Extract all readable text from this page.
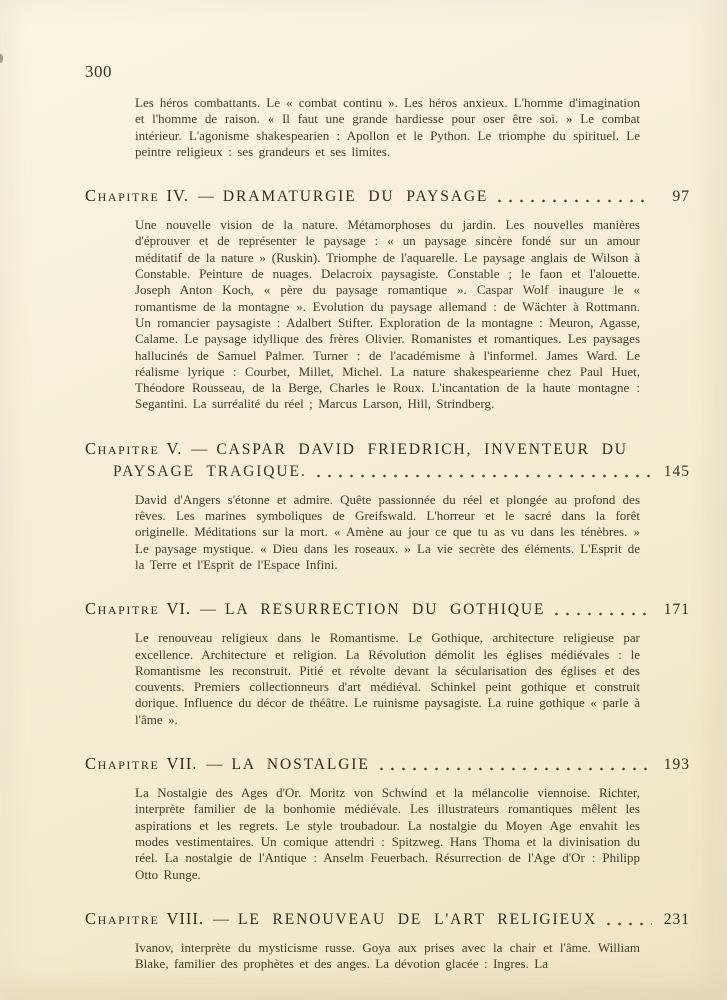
300

Les héros combattants. Le « combat continu ». Les héros anxieux. L'homme d'imagination et l'homme de raison. « Il faut une grande hardiesse pour oser être soi. » Le combat intérieur. L'agonisme shakespearien : Apollon et le Python. Le triomphe du spirituel. Le peintre religieux : ses grandeurs et ses limites.

Chapitre IV. — DRAMATURGIE DU PAYSAGE	97

Une nouvelle vision de la nature. Métamorphoses du jardin. Les nouvelles manières d'éprouver et de représenter le paysage : « un paysage sincère fondé sur un amour méditatif de la nature » (Ruskin). Triomphe de l'aquarelle. Le paysage anglais de Wilson à Constable. Peinture de nuages. Delacroix paysagiste. Constable ; le faon et l'alouette. Joseph Anton Koch, « père du paysage romantique ». Caspar Wolf inaugure le « romantisme de la montagne ». Evolution du paysage allemand : de Wächter à Rottmann. Un romancier paysagiste : Adalbert Stifter. Exploration de la montagne : Meuron, Agasse, Calame. Le paysage idyllique des frères Olivier. Romanistes et romantiques. Les paysages hallucinés de Samuel Palmer. Turner : de l'académisme à l'informel. James Ward. Le réalisme lyrique : Courbet, Millet, Michel. La nature shakespearienne chez Paul Huet, Théodore Rousseau, de la Berge, Charles le Roux. L'incantation de la haute montagne : Segantini. La surréalité du réel ; Marcus Larson, Hill, Strindberg.

Chapitre V. — CASPAR DAVID FRIEDRICH, INVENTEUR DU
PAYSAGE TRAGIQUE.	145

David d'Angers s'étonne et admire. Quête passionnée du réel et plongée au profond des rêves. Les marines symboliques de Greifswald. L'horreur et le sacré dans la forêt originelle. Méditations sur la mort. « Amène au jour ce que tu as vu dans les ténèbres. » Le paysage mystique. « Dieu dans les roseaux. » La vie secrète des éléments. L'Esprit de la Terre et l'Esprit de l'Espace Infini.

Chapitre VI. — LA RESURRECTION DU GOTHIQUE	171

Le renouveau religieux dans le Romantisme. Le Gothique, architecture religieuse par excellence. Architecture et religion. La Révolution démolit les églises médiévales : le Romantisme les reconstruit. Pitié et révolte devant la sécularisation des églises et des couvents. Premiers collectionneurs d'art médiéval. Schinkel peint gothique et construit dorique. Influence du décor de théâtre. Le ruinisme paysagiste. La ruine gothique « parle à l'âme ».

Chapitre VII. — LA NOSTALGIE	193

La Nostalgie des Ages d'Or. Moritz von Schwind et la mélancolie viennoise. Richter, interprète familier de la bonhomie médiévale. Les illustrateurs romantiques mêlent les aspirations et les regrets. Le style troubadour. La nostalgie du Moyen Age envahit les modes vestimentaires. Un comique attendri : Spitzweg. Hans Thoma et la divinisation du réel. La nostalgie de l'Antique : Anselm Feuerbach. Résurrection de l'Age d'Or : Philipp Otto Runge.

Chapitre VIII. — LE RENOUVEAU DE L'ART RELIGIEUX	231

Ivanov, interprète du mysticisme russe. Goya aux prises avec la chair et l'âme. William Blake, familier des prophètes et des anges. La dévotion glacée : Ingres. La
